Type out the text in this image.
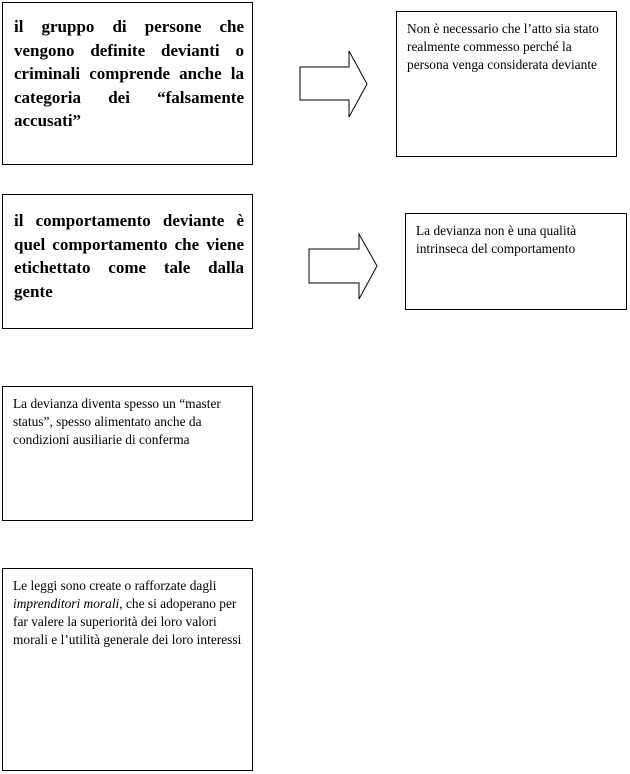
il gruppo di persone che vengono definite devianti o criminali comprende anche la categoria dei “falsamente accusati”

Non è necessario che l’atto sia stato realmente commesso perché la persona venga considerata deviante

il comportamento deviante è quel comportamento che viene etichettato come tale dalla gente

La devianza non è una qualità intrinseca del comportamento

La devianza diventa spesso un “master status”, spesso alimentato anche da condizioni ausiliarie di conferma

Le leggi sono create o rafforzate dagli imprenditori morali, che si adoperano per far valere la superiorità dei loro valori morali e l’utilità generale dei loro interessi
